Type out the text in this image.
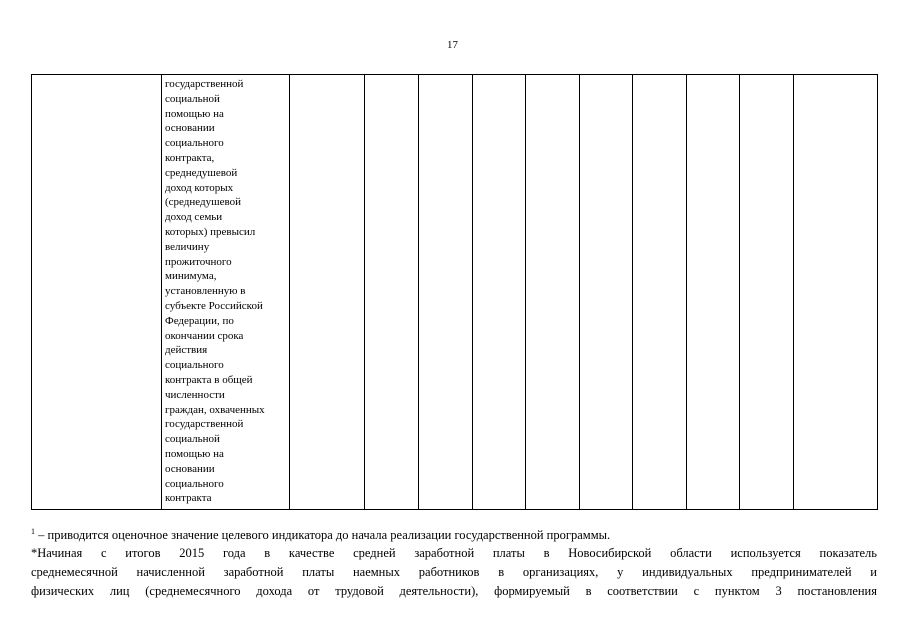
17

государственной
социальной
помощью на
основании
социального
контракта,
среднедушевой
доход которых
(среднедушевой
доход семьи
которых) превысил
величину
прожиточного
минимума,
установленную в
субъекте Российской
Федерации, по
окончании срока
действия
социального
контракта в общей
численности
граждан, охваченных
государственной
социальной
помощью на
основании
социального
контракта

$^1$ – приводится оценочное значение целевого индикатора до начала реализации государственной программы.
*Начиная с итогов 2015 года в качестве средней заработной платы в Новосибирской области используется показатель
среднемесячной начисленной заработной платы наемных работников в организациях, у индивидуальных предпринимателей и
физических лиц (среднемесячного дохода от трудовой деятельности), формируемый в соответствии с пунктом 3 постановления
